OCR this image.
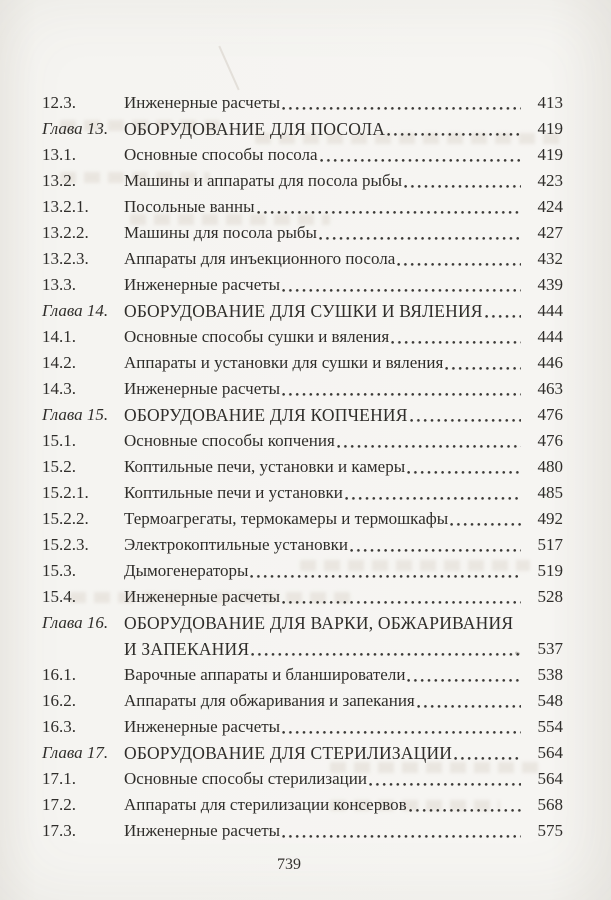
12.3.	Инженерные расчеты	413
Глава 13. ОБОРУДОВАНИЕ ДЛЯ ПОСОЛА	419
13.1.	Основные способы посола	419
13.2.	Машины и аппараты для посола рыбы	423
13.2.1.	Посольные ванны	424
13.2.2.	Машины для посола рыбы	427
13.2.3.	Аппараты для инъекционного посола	432
13.3.	Инженерные расчеты	439
Глава 14. ОБОРУДОВАНИЕ ДЛЯ СУШКИ И ВЯЛЕНИЯ	444
14.1.	Основные способы сушки и вяления	444
14.2.	Аппараты и установки для сушки и вяления	446
14.3.	Инженерные расчеты	463
Глава 15. ОБОРУДОВАНИЕ ДЛЯ КОПЧЕНИЯ	476
15.1.	Основные способы копчения	476
15.2.	Коптильные печи, установки и камеры	480
15.2.1.	Коптильные печи и установки	485
15.2.2.	Термоагрегаты, термокамеры и термошкафы	492
15.2.3.	Электрокоптильные установки	517
15.3.	Дымогенераторы	519
15.4.	Инженерные расчеты	528
Глава 16. ОБОРУДОВАНИЕ ДЛЯ ВАРКИ, ОБЖАРИВАНИЯ
И ЗАПЕКАНИЯ	537
16.1.	Варочные аппараты и бланширователи	538
16.2.	Аппараты для обжаривания и запекания	548
16.3.	Инженерные расчеты	554
Глава 17. ОБОРУДОВАНИЕ ДЛЯ СТЕРИЛИЗАЦИИ	564
17.1.	Основные способы стерилизации	564
17.2.	Аппараты для стерилизации консервов	568
17.3.	Инженерные расчеты	575
739
